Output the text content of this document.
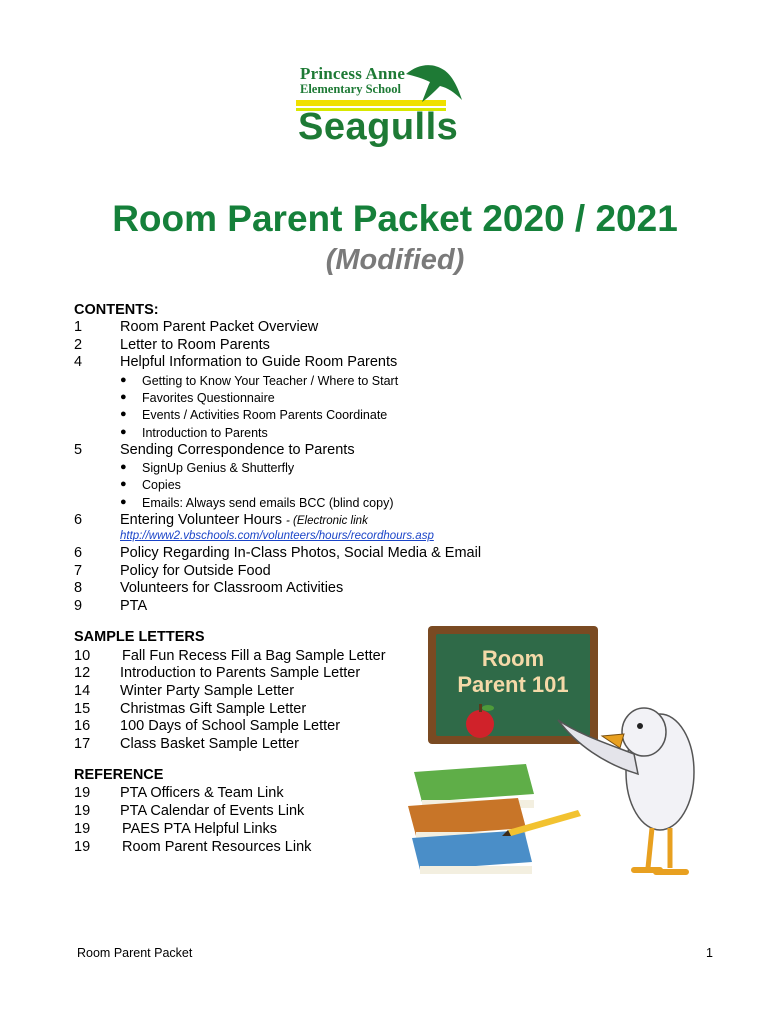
Princess Anne
Elementary School
Seagulls
Room Parent Packet 2020 / 2021
(Modified)
CONTENTS:
1	Room Parent Packet Overview
2	Letter to Room Parents
4	Helpful Information to Guide Room Parents
● Getting to Know Your Teacher / Where to Start
● Favorites Questionnaire
● Events / Activities Room Parents Coordinate
● Introduction to Parents
5	Sending Correspondence to Parents
● SignUp Genius & Shutterfly
● Copies
● Emails: Always send emails BCC (blind copy)
6	Entering Volunteer Hours - (Electronic link
http://www2.vbschools.com/volunteers/hours/recordhours.asp
6	Policy Regarding In-Class Photos, Social Media & Email
7	Policy for Outside Food
8	Volunteers for Classroom Activities
9	PTA
SAMPLE LETTERS
10 Fall Fun Recess Fill a Bag Sample Letter
12 Introduction to Parents Sample Letter
14 Winter Party Sample Letter
15 Christmas Gift Sample Letter
16 100 Days of School Sample Letter
17 Class Basket Sample Letter
REFERENCE
19 PTA Officers & Team Link
19 PTA Calendar of Events Link
19 PAES PTA Helpful Links
19 Room Parent Resources Link
Room
Parent 101
Room Parent Packet	1
